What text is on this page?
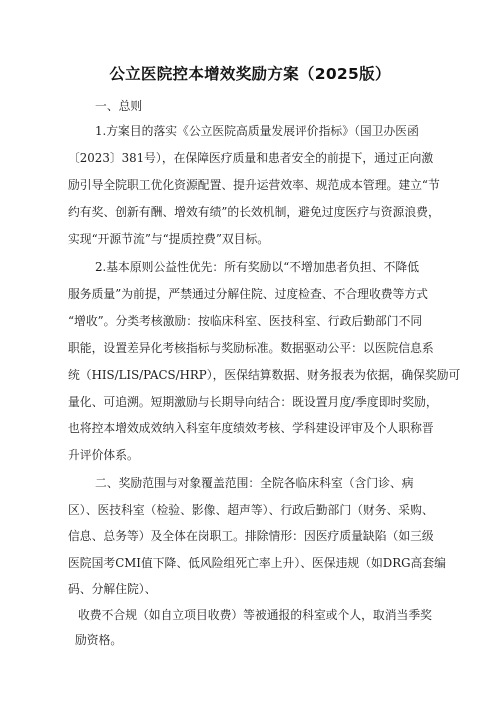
公立医院控本增效奖励方案（2025版）
一、总则
1.方案目的落实《公立医院高质量发展评价指标》（国卫办医函
〔2023〕381号），在保障医疗质量和患者安全的前提下，通过正向激
励引导全院职工优化资源配置、提升运营效率、规范成本管理。建立“节
约有奖、创新有酬、增效有绩”的长效机制，避免过度医疗与资源浪费，
实现“开源节流”与“提质控费”双目标。
2.基本原则公益性优先：所有奖励以“不增加患者负担、不降低
服务质量”为前提，严禁通过分解住院、过度检查、不合理收费等方式
“增收”。分类考核激励：按临床科室、医技科室、行政后勤部门不同
职能，设置差异化考核指标与奖励标准。数据驱动公平：以医院信息系
统（HIS/LIS/PACS/HRP），医保结算数据、财务报表为依据，确保奖励可
量化、可追溯。短期激励与长期导向结合：既设置月度/季度即时奖励，
也将控本增效成效纳入科室年度绩效考核、学科建设评审及个人职称晋
升评价体系。
二、奖励范围与对象覆盖范围：全院各临床科室（含门诊、病
区）、医技科室（检验、影像、超声等）、行政后勤部门（财务、采购、
信息、总务等）及全体在岗职工。排除情形：因医疗质量缺陷（如三级
医院国考CMI值下降、低风险组死亡率上升）、医保违规（如DRG高套编
码、分解住院）、
收费不合规（如自立项目收费）等被通报的科室或个人，取消当季奖
励资格。
